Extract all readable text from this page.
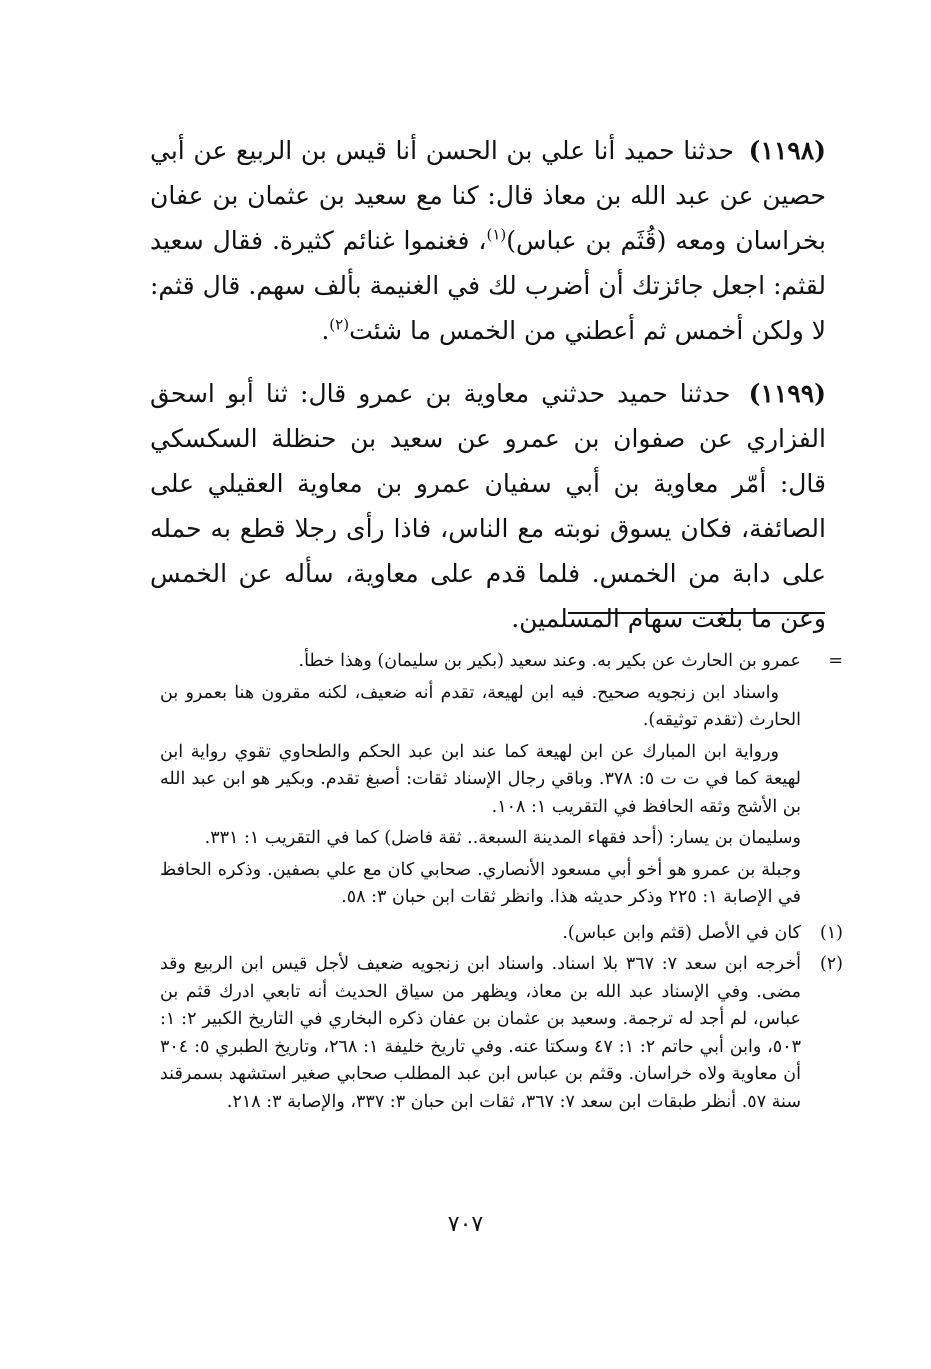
(١١٩٨) حدثنا حميد أنا علي بن الحسن أنا قيس بن الربيع عن أبي حصين عن عبد الله بن معاذ قال: كنا مع سعيد بن عثمان بن عفان بخراسان ومعه (قُثَم بن عباس)$^{(١)}$، فغنموا غنائم كثيرة. فقال سعيد لقثم: اجعل جائزتك أن أضرب لك في الغنيمة بألف سهم. قال قثم: لا ولكن أخمس ثم أعطني من الخمس ما شئت$^{(٢)}$.

(١١٩٩) حدثنا حميد حدثني معاوية بن عمرو قال: ثنا أبو اسحق الفزاري عن صفوان بن عمرو عن سعيد بن حنظلة السكسكي قال: أمّر معاوية بن أبي سفيان عمرو بن معاوية العقيلي على الصائفة، فكان يسوق نوبته مع الناس، فاذا رأى رجلا قطع به حمله على دابة من الخمس. فلما قدم على معاوية، سأله عن الخمس وعن ما بلغت سهام المسلمين.

=
عمرو بن الحارث عن بكير به. وعند سعيد (بكير بن سليمان) وهذا خطأ.
واسناد ابن زنجويه صحيح. فيه ابن لهيعة، تقدم أنه ضعيف، لكنه مقرون هنا بعمرو بن الحارث (تقدم توثيقه).
ورواية ابن المبارك عن ابن لهيعة كما عند ابن عبد الحكم والطحاوي تقوي رواية ابن لهيعة كما في ت ت ٥: ٣٧٨. وباقي رجال الإسناد ثقات: أصبغ تقدم. وبكير هو ابن عبد الله بن الأشج وثقه الحافظ في التقريب ١: ١٠٨.
وسليمان بن يسار: (أحد فقهاء المدينة السبعة.. ثقة فاضل) كما في التقريب ١: ٣٣١.
وجبلة بن عمرو هو أخو أبي مسعود الأنصاري. صحابي كان مع علي بصفين. وذكره الحافظ في الإصابة ١: ٢٢٥ وذكر حديثه هذا. وانظر ثقات ابن حبان ٣: ٥٨.
(١)
كان في الأصل (قثم وابن عباس).
(٢)
أخرجه ابن سعد ٧: ٣٦٧ بلا اسناد. واسناد ابن زنجويه ضعيف لأجل قيس ابن الربيع وقد مضى. وفي الإسناد عبد الله بن معاذ، ويظهر من سياق الحديث أنه تابعي ادرك قثم بن عباس، لم أجد له ترجمة. وسعيد بن عثمان بن عفان ذكره البخاري في التاريخ الكبير ٢: ١: ٥٠٣، وابن أبي حاتم ٢: ١: ٤٧ وسكتا عنه. وفي تاريخ خليفة ١: ٢٦٨، وتاريخ الطبري ٥: ٣٠٤ أن معاوية ولاه خراسان. وقثم بن عباس ابن عبد المطلب صحابي صغير استشهد بسمرقند سنة ٥٧. أنظر طبقات ابن سعد ٧: ٣٦٧، ثقات ابن حبان ٣: ٣٣٧، والإصابة ٣: ٢١٨.
٧٠٧
